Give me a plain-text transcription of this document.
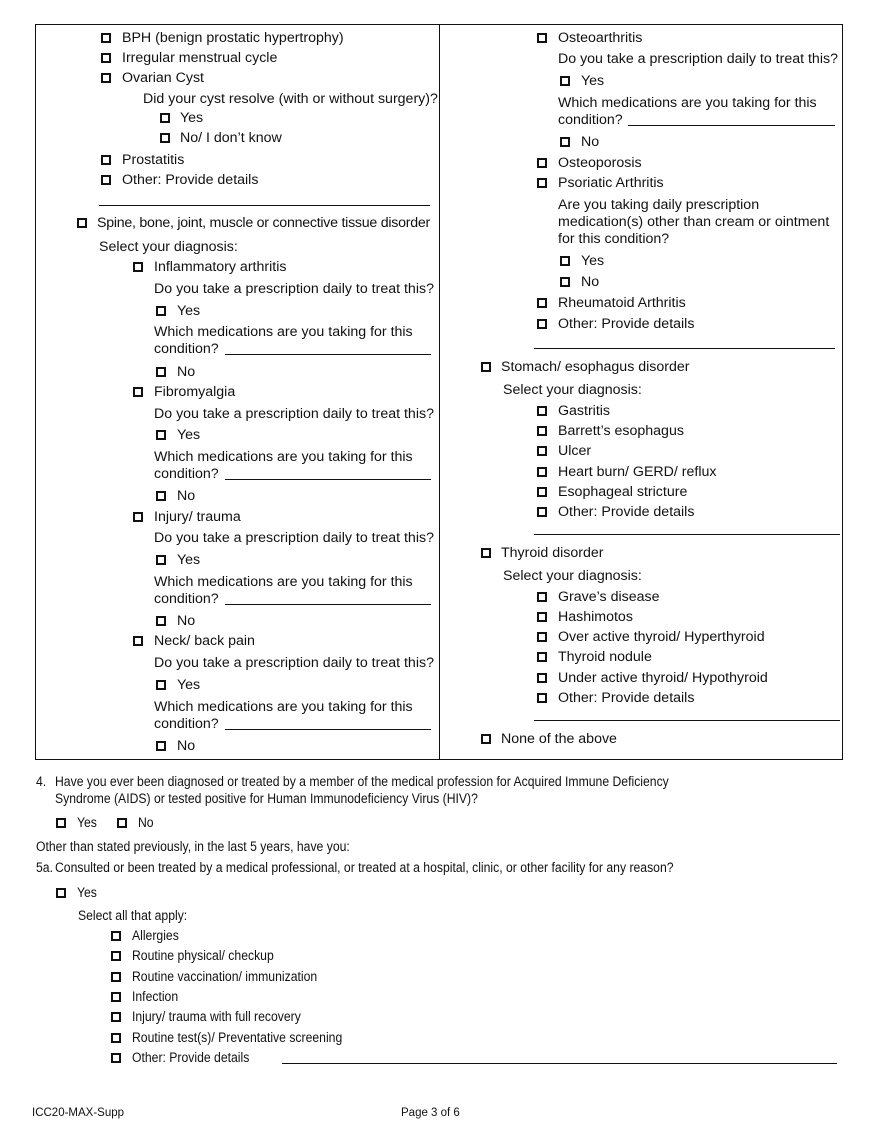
BPH (benign prostatic hypertrophy)
Irregular menstrual cycle
Ovarian Cyst
Did your cyst resolve (with or without surgery)?
Yes
No/ I don’t know
Prostatitis
Other: Provide details
Spine, bone, joint, muscle or connective tissue disorder
Select your diagnosis:
Inflammatory arthritis
Do you take a prescription daily to treat this?
Yes
Which medications are you taking for this
condition?
No
Fibromyalgia
Do you take a prescription daily to treat this?
Yes
Which medications are you taking for this
condition?
No
Injury/ trauma
Do you take a prescription daily to treat this?
Yes
Which medications are you taking for this
condition?
No
Neck/ back pain
Do you take a prescription daily to treat this?
Yes
Which medications are you taking for this
condition?
No
Osteoarthritis
Do you take a prescription daily to treat this?
Yes
Which medications are you taking for this
condition?
No
Osteoporosis
Psoriatic Arthritis
Are you taking daily prescription medication(s) other than cream or ointment for this condition?
Yes
No
Rheumatoid Arthritis
Other: Provide details
Stomach/ esophagus disorder
Select your diagnosis:
Gastritis
Barrett’s esophagus
Ulcer
Heart burn/ GERD/ reflux
Esophageal stricture
Other: Provide details
Thyroid disorder
Select your diagnosis:
Grave’s disease
Hashimotos
Over active thyroid/ Hyperthyroid
Thyroid nodule
Under active thyroid/ Hypothyroid
Other: Provide details
None of the above
4. Have you ever been diagnosed or treated by a member of the medical profession for Acquired Immune Deficiency
Syndrome (AIDS) or tested positive for Human Immunodeficiency Virus (HIV)?
Yes	No
Other than stated previously, in the last 5 years, have you:
5a. Consulted or been treated by a medical professional, or treated at a hospital, clinic, or other facility for any reason?
Yes
Select all that apply:
Allergies
Routine physical/ checkup
Routine vaccination/ immunization
Infection
Injury/ trauma with full recovery
Routine test(s)/ Preventative screening
Other: Provide details
ICC20-MAX-Supp	Page 3 of 6
